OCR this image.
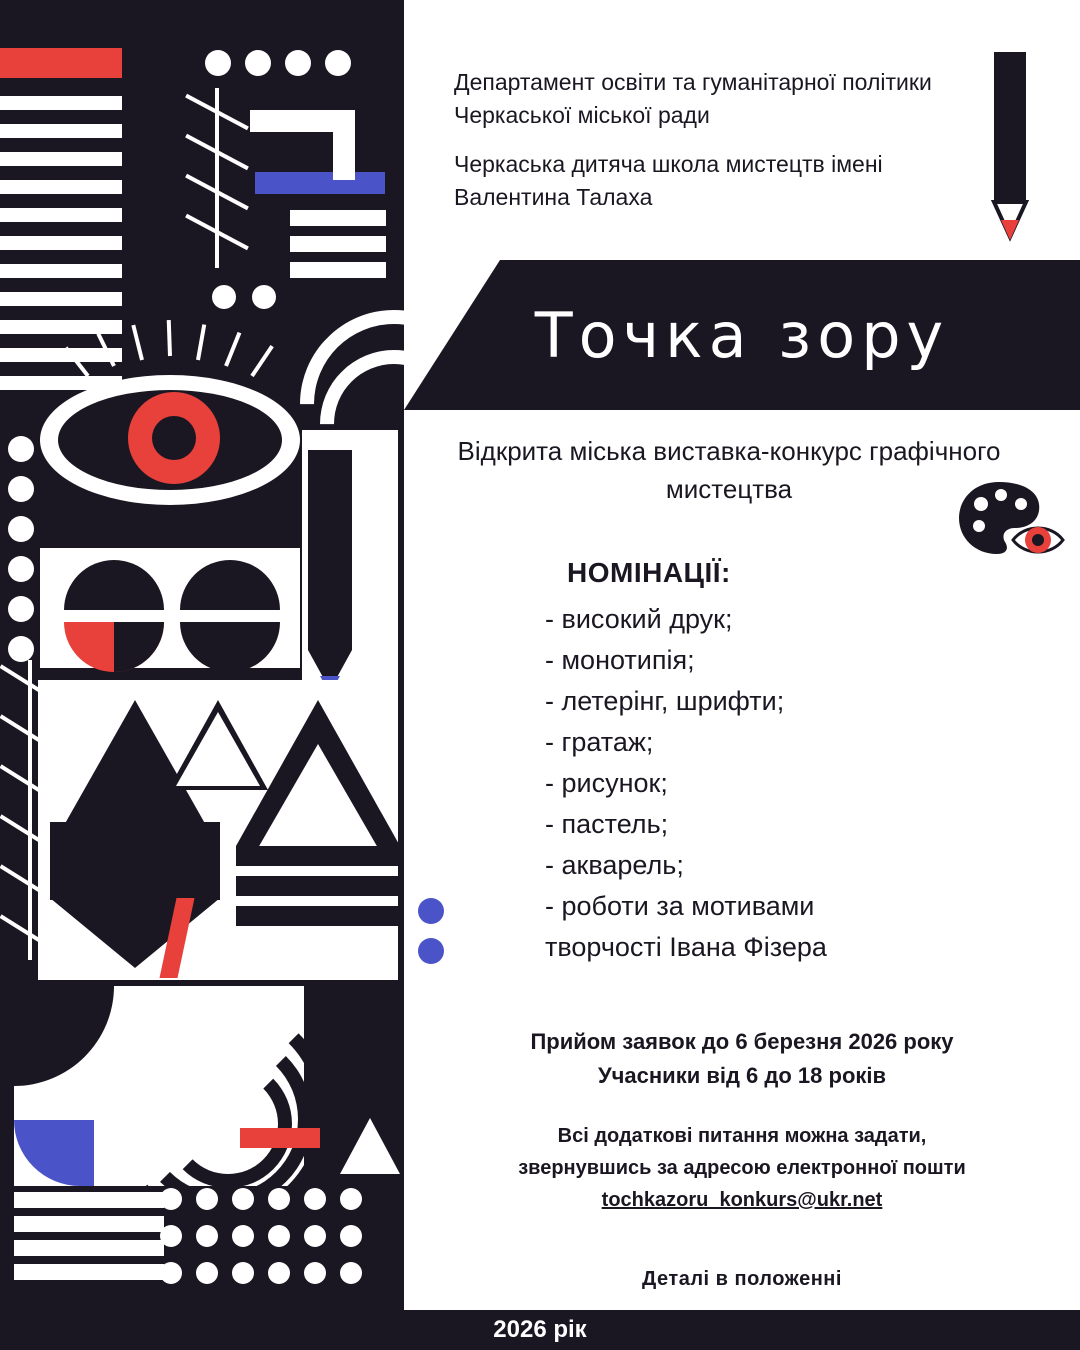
Департамент освіти та гуманітарної політики Черкаської міської ради

Черкаська дитяча школа мистецтв імені Валентина Талаха

Точка зору
Відкрита міська виставка-конкурс графічного мистецтва
НОМІНАЦІЇ:
- високий друк;
- монотипія;
- летерінг, шрифти;
- гратаж;
- рисунок;
- пастель;
- акварель;
- роботи за мотивами
творчості Івана Фізера
Прийом заявок до 6 березня 2026 року
Учасники від 6 до 18 років
Всі додаткові питання можна задати,
звернувшись за адресою електронної пошти
tochkazoru_konkurs@ukr.net
Деталі в положенні
2026 рік
